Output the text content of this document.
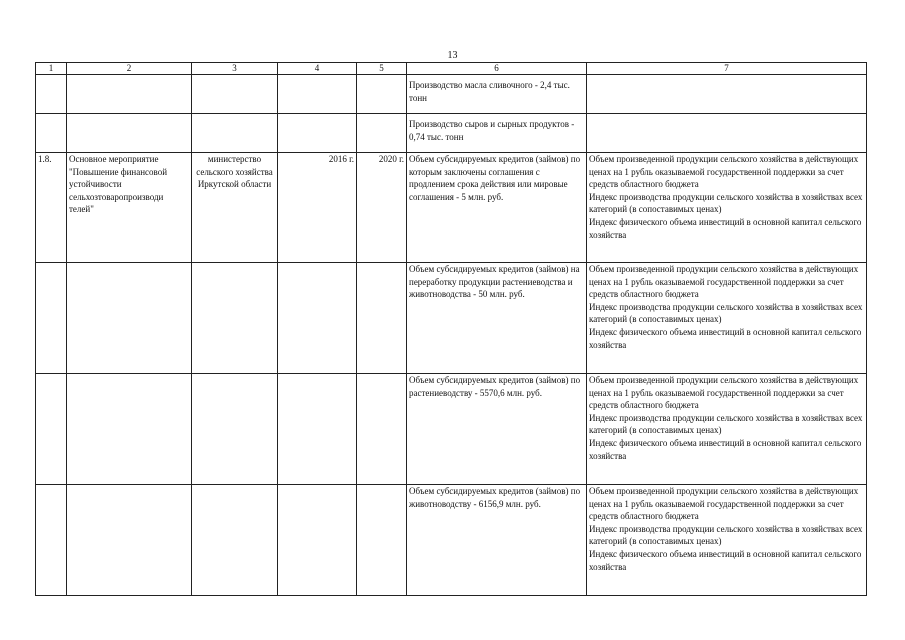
13
1	2	3	4	5	6	7
					Производство масла сливочного - 2,4 тыс. тонн	
					Производство сыров и сырных продуктов - 0,74 тыс. тонн	
1.8.	Основное мероприятие "Повышение финансовой устойчивости сельхозтоваропроизводи телей"	министерство сельского хозяйства Иркутской области	2016 г.	2020 г.	Объем субсидируемых кредитов (займов) по которым заключены соглашения с продлением срока действия или мировые соглашения - 5 млн. руб.	Объем произведенной продукции сельского хозяйства в действующих ценах на 1 рубль оказываемой государственной поддержки за счет средств областного бюджета
Индекс производства продукции сельского хозяйства в хозяйствах всех категорий (в сопоставимых ценах)
Индекс физического объема инвестиций в основной капитал сельского хозяйства

					Объем субсидируемых кредитов (займов) на переработку продукции растениеводства и животноводства - 50 млн. руб.	Объем произведенной продукции сельского хозяйства в действующих ценах на 1 рубль оказываемой государственной поддержки за счет средств областного бюджета
Индекс производства продукции сельского хозяйства в хозяйствах всех категорий (в сопоставимых ценах)
Индекс физического объема инвестиций в основной капитал сельского хозяйства

					Объем субсидируемых кредитов (займов) по растениеводству - 5570,6 млн. руб.	Объем произведенной продукции сельского хозяйства в действующих ценах на 1 рубль оказываемой государственной поддержки за счет средств областного бюджета
Индекс производства продукции сельского хозяйства в хозяйствах всех категорий (в сопоставимых ценах)
Индекс физического объема инвестиций в основной капитал сельского хозяйства

					Объем субсидируемых кредитов (займов) по животноводству - 6156,9 млн. руб.	Объем произведенной продукции сельского хозяйства в действующих ценах на 1 рубль оказываемой государственной поддержки за счет средств областного бюджета
Индекс производства продукции сельского хозяйства в хозяйствах всех категорий (в сопоставимых ценах)
Индекс физического объема инвестиций в основной капитал сельского хозяйства
